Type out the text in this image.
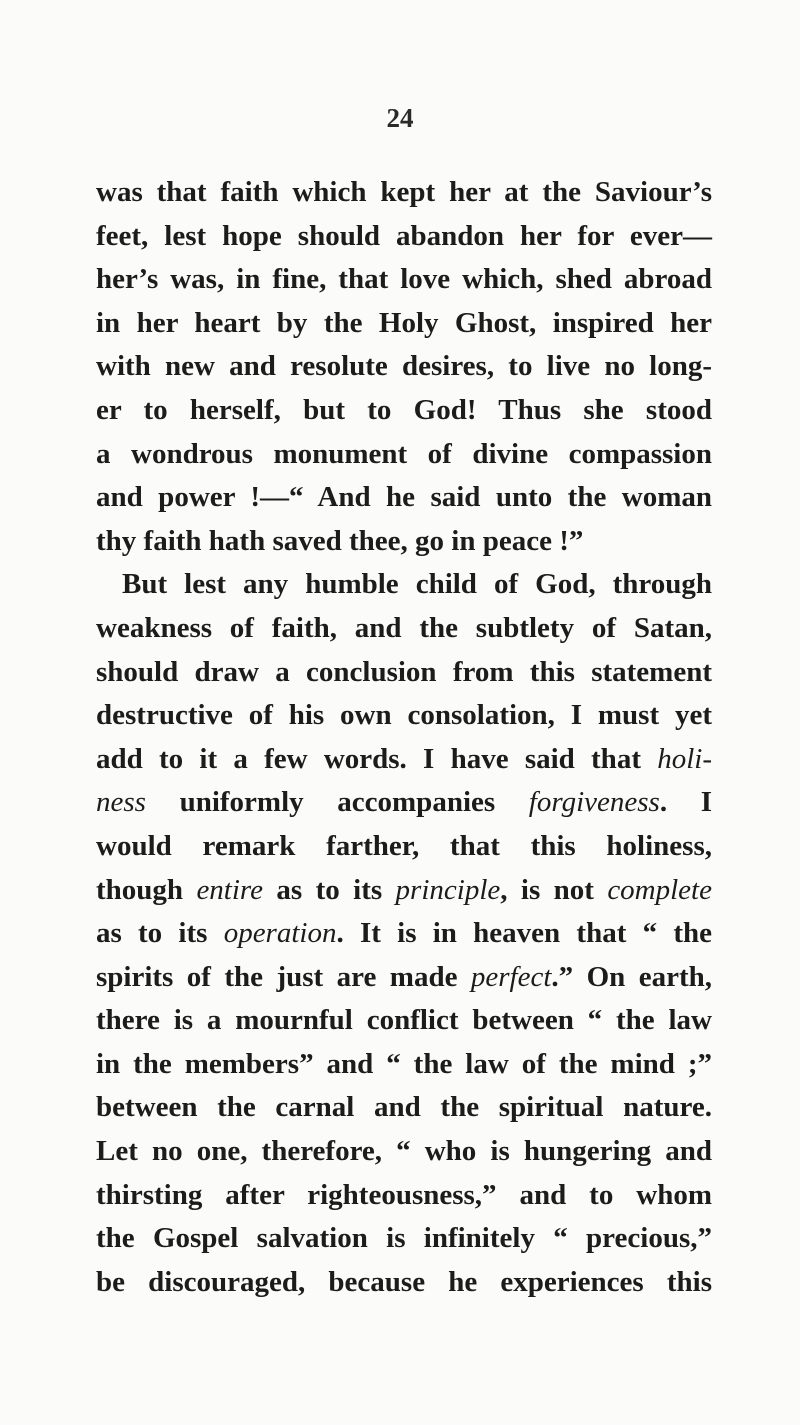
24
was that faith which kept her at the Saviour’s
feet, lest hope should abandon her for ever—
her’s was, in fine, that love which, shed abroad
in her heart by the Holy Ghost, inspired her
with new and resolute desires, to live no long-
er to herself, but to God! Thus she stood
a wondrous monument of divine compassion
and power !—“ And he said unto the woman
thy faith hath saved thee, go in peace !”
But lest any humble child of God, through
weakness of faith, and the subtlety of Satan,
should draw a conclusion from this statement
destructive of his own consolation, I must yet
add to it a few words. I have said that holi-
ness uniformly accompanies forgiveness. I
would remark farther, that this holiness,
though entire as to its principle, is not complete
as to its operation. It is in heaven that “ the
spirits of the just are made perfect.” On earth,
there is a mournful conflict between “ the law
in the members” and “ the law of the mind ;”
between the carnal and the spiritual nature.
Let no one, therefore, “ who is hungering and
thirsting after righteousness,” and to whom
the Gospel salvation is infinitely “ precious,”
be discouraged, because he experiences this
